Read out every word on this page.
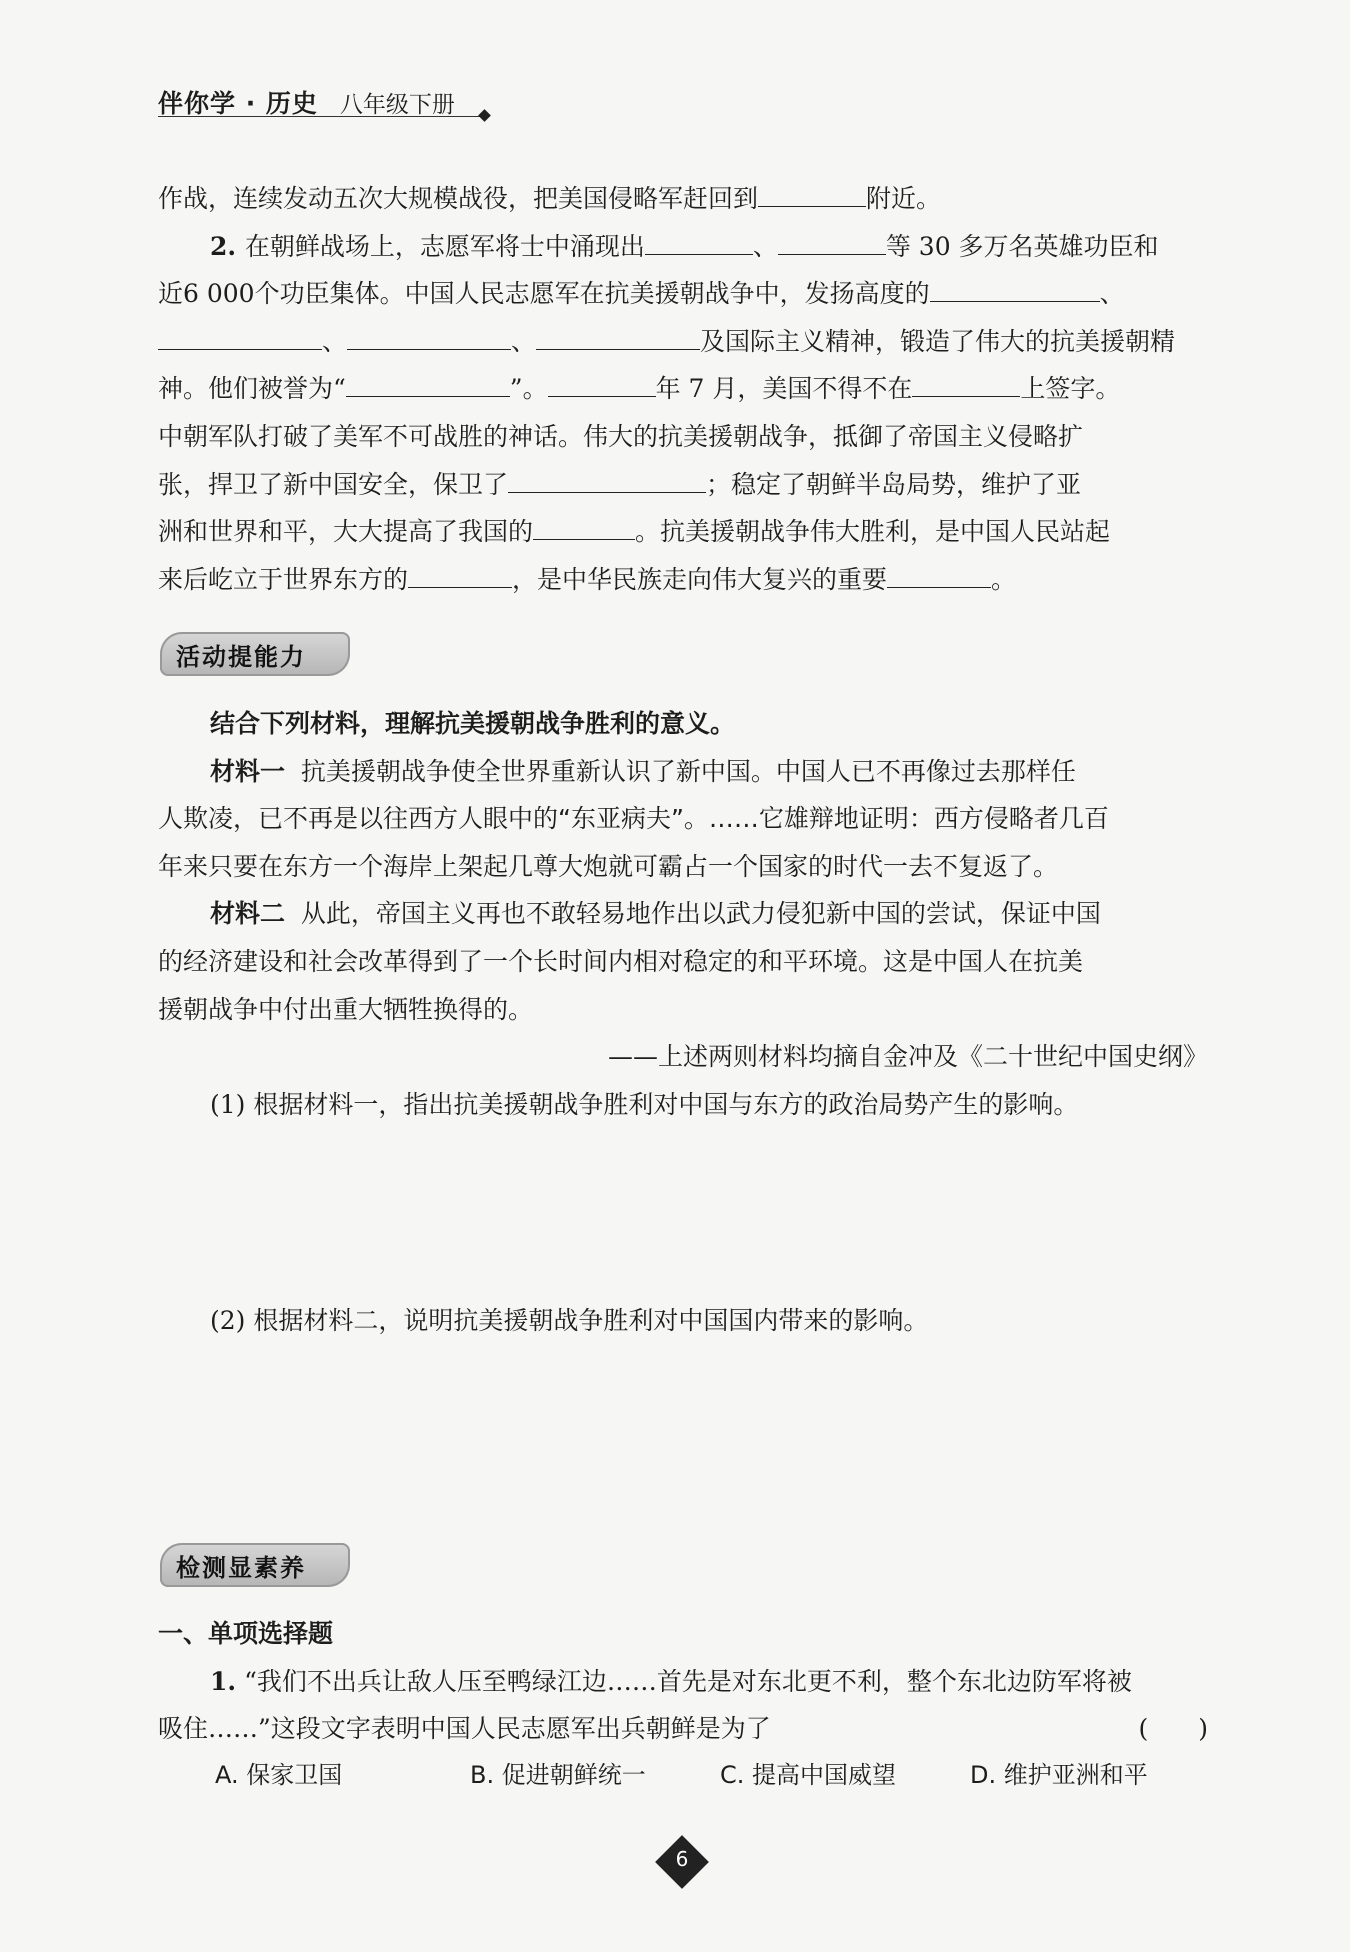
伴你学 · 历史 八年级下册
作战，连续发动五次大规模战役，把美国侵略军赶回到	附近。
2. 在朝鲜战场上，志愿军将士中涌现出	、	等 30 多万名英雄功臣和
近6 000个功臣集体。中国人民志愿军在抗美援朝战争中，发扬高度的	、
、	、	及国际主义精神，锻造了伟大的抗美援朝精
神。他们被誉为“	”。	年 7 月，美国不得不在	上签字。
中朝军队打破了美军不可战胜的神话。伟大的抗美援朝战争，抵御了帝国主义侵略扩
张，捍卫了新中国安全，保卫了	；稳定了朝鲜半岛局势，维护了亚
洲和世界和平，大大提高了我国的	。抗美援朝战争伟大胜利，是中国人民站起
来后屹立于世界东方的	，是中华民族走向伟大复兴的重要	。
活动提能力
结合下列材料，理解抗美援朝战争胜利的意义。
材料一 抗美援朝战争使全世界重新认识了新中国。中国人已不再像过去那样任
人欺凌，已不再是以往西方人眼中的“东亚病夫”。……它雄辩地证明：西方侵略者几百
年来只要在东方一个海岸上架起几尊大炮就可霸占一个国家的时代一去不复返了。
材料二 从此，帝国主义再也不敢轻易地作出以武力侵犯新中国的尝试，保证中国
的经济建设和社会改革得到了一个长时间内相对稳定的和平环境。这是中国人在抗美
援朝战争中付出重大牺牲换得的。
——上述两则材料均摘自金冲及《二十世纪中国史纲》
(1) 根据材料一，指出抗美援朝战争胜利对中国与东方的政治局势产生的影响。
(2) 根据材料二，说明抗美援朝战争胜利对中国国内带来的影响。
检测显素养
一、单项选择题
1. “我们不出兵让敌人压至鸭绿江边……首先是对东北更不利，整个东北边防军将被
吸住……”这段文字表明中国人民志愿军出兵朝鲜是为了	(　　)
A. 保家卫国	B. 促进朝鲜统一	C. 提高中国威望	D. 维护亚洲和平
6
